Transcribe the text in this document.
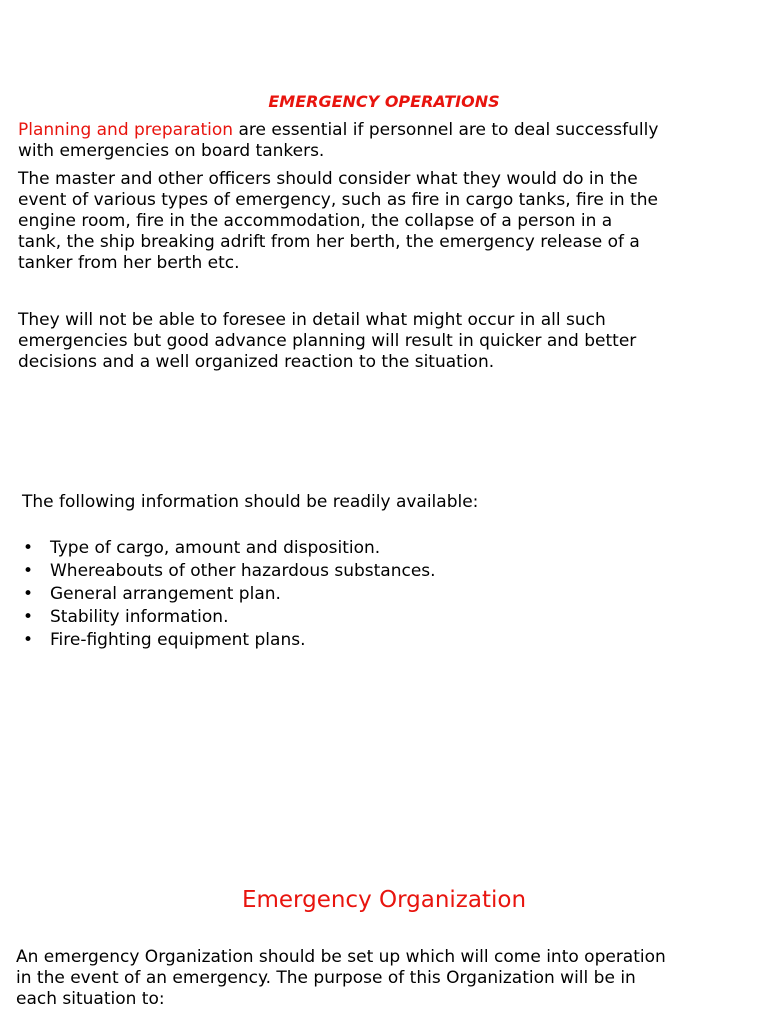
EMERGENCY OPERATIONS

Planning and preparation are essential if personnel are to deal successfully
with emergencies on board tankers.

The master and other officers should consider what they would do in the
event of various types of emergency, such as fire in cargo tanks, fire in the
engine room, fire in the accommodation, the collapse of a person in a
tank, the ship breaking adrift from her berth, the emergency release of a
tanker from her berth etc.

They will not be able to foresee in detail what might occur in all such
emergencies but good advance planning will result in quicker and better
decisions and a well organized reaction to the situation.

The following information should be readily available:

• Type of cargo, amount and disposition.
• Whereabouts of other hazardous substances.
• General arrangement plan.
• Stability information.
• Fire-fighting equipment plans.
Emergency Organization

An emergency Organization should be set up which will come into operation
in the event of an emergency. The purpose of this Organization will be in
each situation to:
